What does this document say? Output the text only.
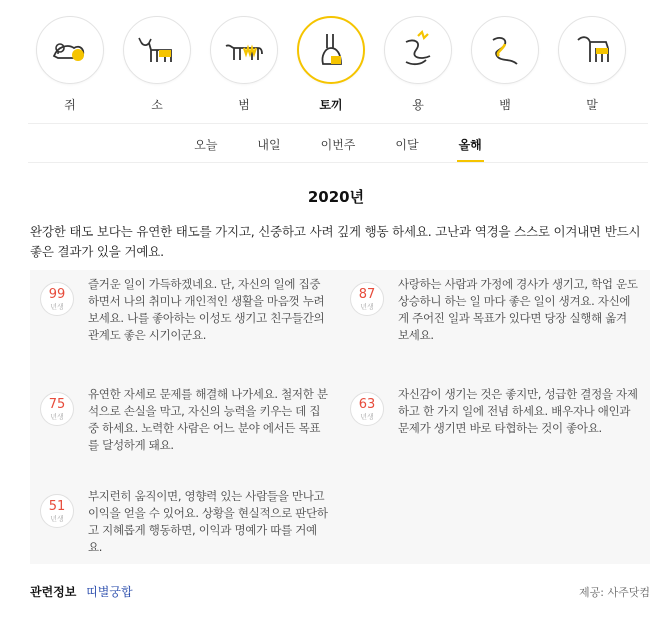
쥐	소	범	토끼	용	뱀	말
오늘	내일	이번주	이달	올해
2020년
완강한 태도 보다는 유연한 태도를 가지고, 신중하고 사려 깊게 행동 하세요. 고난과 역경을 스스로 이겨내면 반드시 좋은 결과가 있을 거예요.
99
년생
즐거운 일이 가득하겠네요. 단, 자신의 일에 집중하면서 나의 취미나 개인적인 생활을 마음껏 누려 보세요. 나를 좋아하는 이성도 생기고 친구들간의 관계도 좋은 시기이군요.
87
년생
사랑하는 사람과 가정에 경사가 생기고, 학업 운도 상승하니 하는 일 마다 좋은 일이 생겨요. 자신에게 주어진 일과 목표가 있다면 당장 실행해 옮겨 보세요.
75
년생
유연한 자세로 문제를 해결해 나가세요. 철저한 분석으로 손실을 막고, 자신의 능력을 키우는 데 집중 하세요. 노력한 사람은 어느 분야 에서든 목표를 달성하게 돼요.
63
년생
자신감이 생기는 것은 좋지만, 성급한 결정을 자제하고 한 가지 일에 전념 하세요. 배우자나 애인과 문제가 생기면 바로 타협하는 것이 좋아요.
51
년생
부지런히 움직이면, 영향력 있는 사람들을 만나고 이익을 얻을 수 있어요. 상황을 현실적으로 판단하고 지혜롭게 행동하면, 이익과 명예가 따를 거예요.
관련정보 띠별궁합	제공: 사주닷컴
